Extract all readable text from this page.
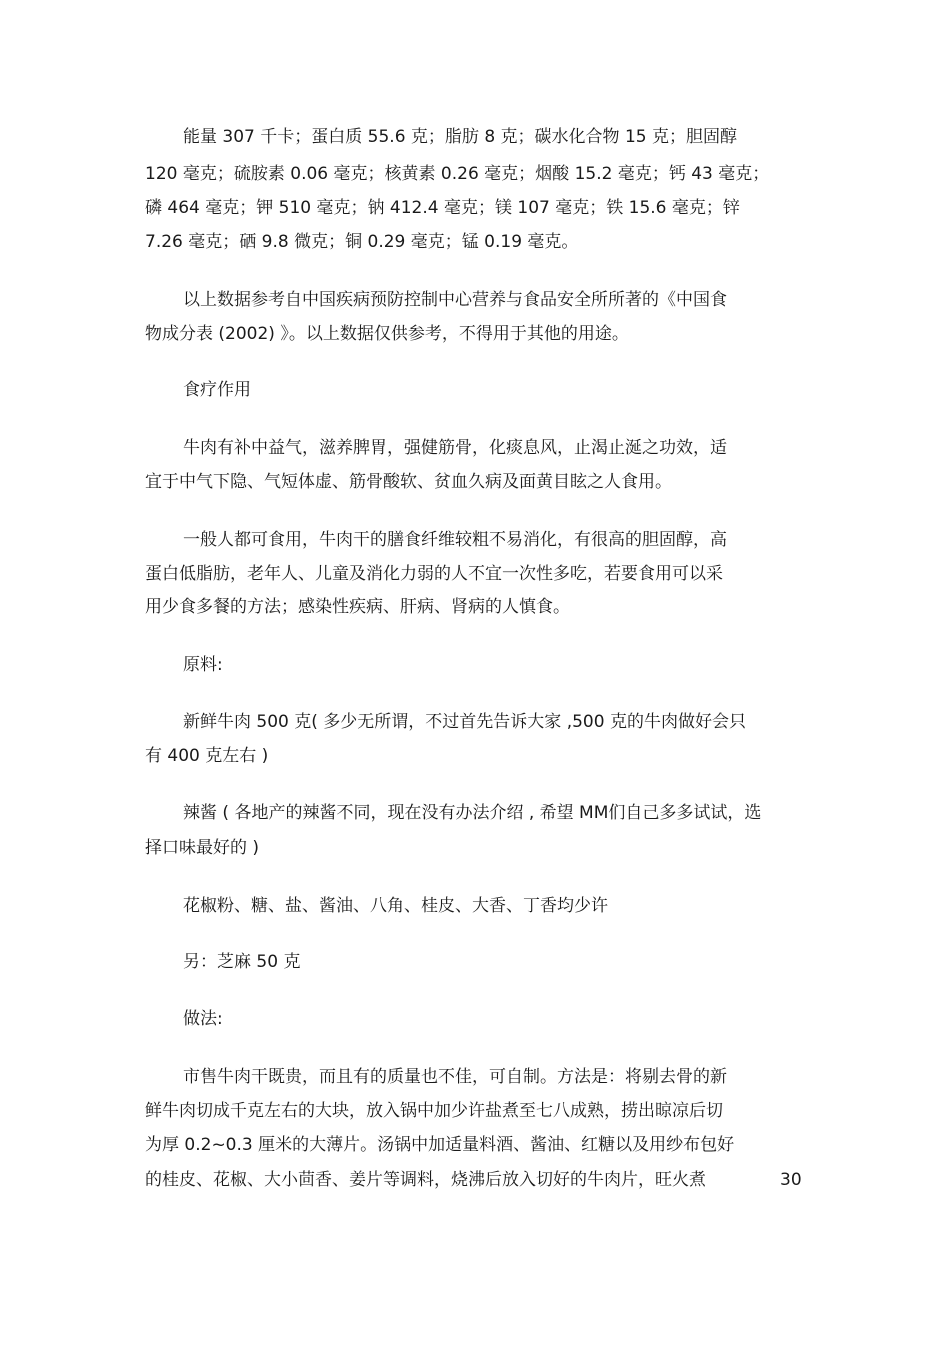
能量 307 千卡；蛋白质 55.6 克；脂肪 8 克；碳水化合物 15 克；胆固醇
120 毫克；硫胺素 0.06 毫克；核黄素 0.26 毫克；烟酸 15.2 毫克；钙 43 毫克；
磷 464 毫克；钾 510 毫克；钠 412.4 毫克；镁 107 毫克；铁 15.6 毫克；锌
7.26 毫克；硒 9.8 微克；铜 0.29 毫克；锰 0.19 毫克。
以上数据参考自中国疾病预防控制中心营养与食品安全所所著的《中国食
物成分表 (2002) 》。以上数据仅供参考，不得用于其他的用途。
食疗作用
牛肉有补中益气，滋养脾胃，强健筋骨，化痰息风，止渴止涎之功效，适
宜于中气下隐、气短体虚、筋骨酸软、贫血久病及面黄目眩之人食用。
一般人都可食用，牛肉干的膳食纤维较粗不易消化，有很高的胆固醇，高
蛋白低脂肪，老年人、儿童及消化力弱的人不宜一次性多吃，若要食用可以采
用少食多餐的方法；感染性疾病、肝病、肾病的人慎食。
原料:
新鲜牛肉 500 克( 多少无所谓，不过首先告诉大家 ,500 克的牛肉做好会只
有 400 克左右 )
辣酱 ( 各地产的辣酱不同，现在没有办法介绍 , 希望 MM们自己多多试试，选
择口味最好的 )
花椒粉、糖、盐、酱油、八角、桂皮、大香、丁香均少许
另：芝麻 50 克
做法:
市售牛肉干既贵，而且有的质量也不佳，可自制。方法是：将剔去骨的新
鲜牛肉切成千克左右的大块，放入锅中加少许盐煮至七八成熟，捞出晾凉后切
为厚 0.2~0.3 厘米的大薄片。汤锅中加适量料酒、酱油、红糖以及用纱布包好
的桂皮、花椒、大小茴香、姜片等调料，烧沸后放入切好的牛肉片，旺火煮	30
